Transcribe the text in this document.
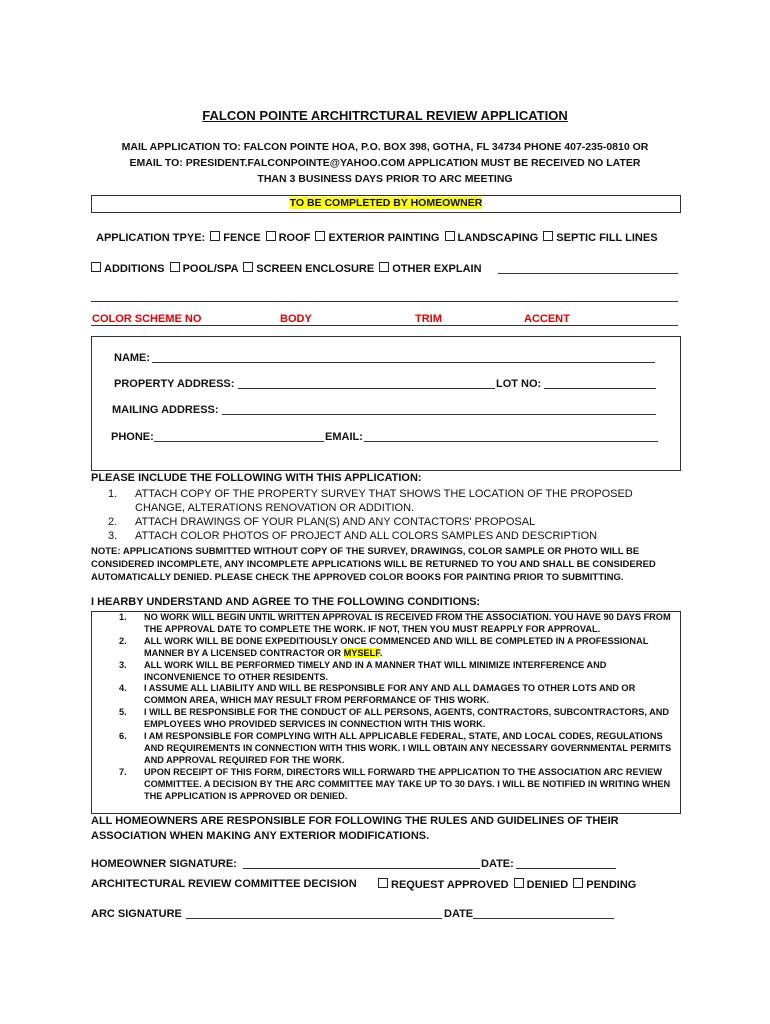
FALCON POINTE ARCHITRCTURAL REVIEW APPLICATION
MAIL APPLICATION TO: FALCON POINTE HOA, P.O. BOX 398, GOTHA, FL 34734 PHONE 407-235-0810 OR
EMAIL TO: PRESIDENT.FALCONPOINTE@YAHOO.COM APPLICATION MUST BE RECEIVED NO LATER
THAN 3 BUSINESS DAYS PRIOR TO ARC MEETING
TO BE COMPLETED BY HOMEOWNER
APPLICATION TPYE: FENCE ROOF EXTERIOR PAINTING LANDSCAPING SEPTIC FILL LINES
ADDITIONS POOL/SPA SCREEN ENCLOSURE OTHER EXPLAIN
COLOR SCHEME NO	BODY	TRIM	ACCENT
NAME:
PROPERTY ADDRESS:	LOT NO:
MAILING ADDRESS:
PHONE:	EMAIL:
PLEASE INCLUDE THE FOLLOWING WITH THIS APPLICATION:
1. ATTACH COPY OF THE PROPERTY SURVEY THAT SHOWS THE LOCATION OF THE PROPOSED CHANGE, ALTERATIONS RENOVATION OR ADDITION.
2. ATTACH DRAWINGS OF YOUR PLAN(S) AND ANY CONTACTORS' PROPOSAL
3. ATTACH COLOR PHOTOS OF PROJECT AND ALL COLORS SAMPLES AND DESCRIPTION
NOTE: APPLICATIONS SUBMITTED WITHOUT COPY OF THE SURVEY, DRAWINGS, COLOR SAMPLE OR PHOTO WILL BE CONSIDERED INCOMPLETE, ANY INCOMPLETE APPLICATIONS WILL BE RETURNED TO YOU AND SHALL BE CONSIDERED AUTOMATICALLY DENIED. PLEASE CHECK THE APPROVED COLOR BOOKS FOR PAINTING PRIOR TO SUBMITTING.
I HEARBY UNDERSTAND AND AGREE TO THE FOLLOWING CONDITIONS:
1. NO WORK WILL BEGIN UNTIL WRITTEN APPROVAL IS RECEIVED FROM THE ASSOCIATION. YOU HAVE 90 DAYS FROM THE APPROVAL DATE TO COMPLETE THE WORK. IF NOT, THEN YOU MUST REAPPLY FOR APPROVAL.
2. ALL WORK WILL BE DONE EXPEDITIOUSLY ONCE COMMENCED AND WILL BE COMPLETED IN A PROFESSIONAL MANNER BY A LICENSED CONTRACTOR OR MYSELF.
3. ALL WORK WILL BE PERFORMED TIMELY AND IN A MANNER THAT WILL MINIMIZE INTERFERENCE AND INCONVENIENCE TO OTHER RESIDENTS.
4. I ASSUME ALL LIABILITY AND WILL BE RESPONSIBLE FOR ANY AND ALL DAMAGES TO OTHER LOTS AND OR COMMON AREA, WHICH MAY RESULT FROM PERFORMANCE OF THIS WORK.
5. I WILL BE RESPONSIBLE FOR THE CONDUCT OF ALL PERSONS, AGENTS, CONTRACTORS, SUBCONTRACTORS, AND EMPLOYEES WHO PROVIDED SERVICES IN CONNECTION WITH THIS WORK.
6. I AM RESPONSIBLE FOR COMPLYING WITH ALL APPLICABLE FEDERAL, STATE, AND LOCAL CODES, REGULATIONS AND REQUIREMENTS IN CONNECTION WITH THIS WORK. I WILL OBTAIN ANY NECESSARY GOVERNMENTAL PERMITS AND APPROVAL REQUIRED FOR THE WORK.
7. UPON RECEIPT OF THIS FORM, DIRECTORS WILL FORWARD THE APPLICATION TO THE ASSOCIATION ARC REVIEW COMMITTEE. A DECISION BY THE ARC COMMITTEE MAY TAKE UP TO 30 DAYS. I WILL BE NOTIFIED IN WRITING WHEN THE APPLICATION IS APPROVED OR DENIED.
ALL HOMEOWNERS ARE RESPONSIBLE FOR FOLLOWING THE RULES AND GUIDELINES OF THEIR ASSOCIATION WHEN MAKING ANY EXTERIOR MODIFICATIONS.
HOMEOWNER SIGNATURE:	DATE:
ARCHITECTURAL REVIEW COMMITTEE DECISION	REQUEST APPROVED DENIED PENDING
ARC SIGNATURE	DATE
